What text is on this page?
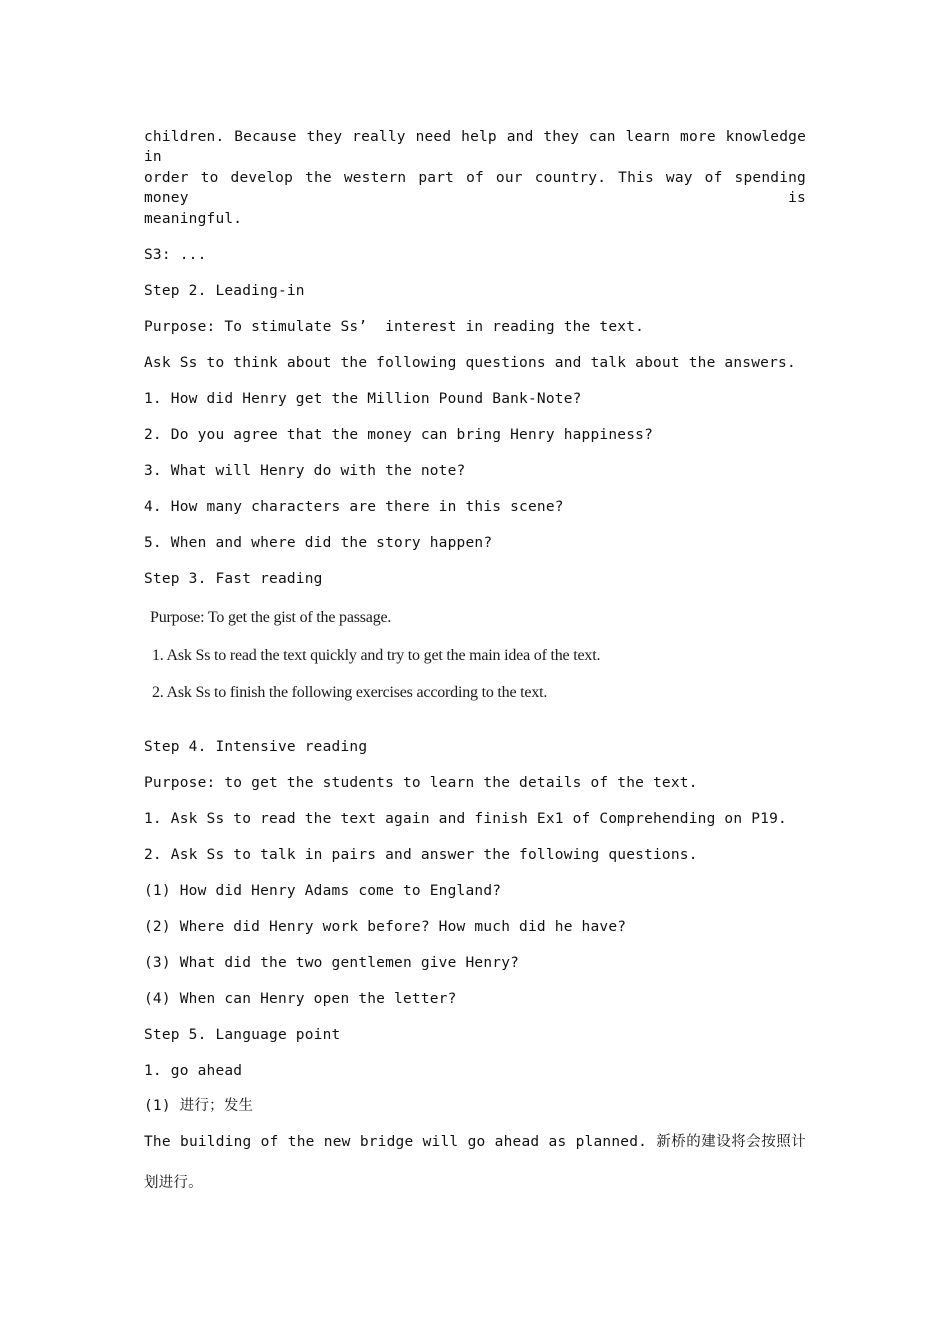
children. Because they really need help and they can learn more knowledge in
order to develop the western part of our country. This way of spending money is
meaningful.
S3: ...
Step 2. Leading-in
Purpose: To stimulate Ss’  interest in reading the text.
Ask Ss to think about the following questions and talk about the answers.
1. How did Henry get the Million Pound Bank-Note?
2. Do you agree that the money can bring Henry happiness?
3. What will Henry do with the note?
4. How many characters are there in this scene?
5. When and where did the story happen?
Step 3. Fast reading
Purpose: To get the gist of the passage.
1. Ask Ss to read the text quickly and try to get the main idea of the text.
2. Ask Ss to finish the following exercises according to the text.
Step 4. Intensive reading
Purpose: to get the students to learn the details of the text.
1. Ask Ss to read the text again and finish Ex1 of Comprehending on P19.
2. Ask Ss to talk in pairs and answer the following questions.
(1) How did Henry Adams come to England?
(2) Where did Henry work before? How much did he have?
(3) What did the two gentlemen give Henry?
(4) When can Henry open the letter?
Step 5. Language point
1. go ahead
(1) 进行；发生
The building of the new bridge will go ahead as planned. 新桥的建设将会按照计
划进行。
